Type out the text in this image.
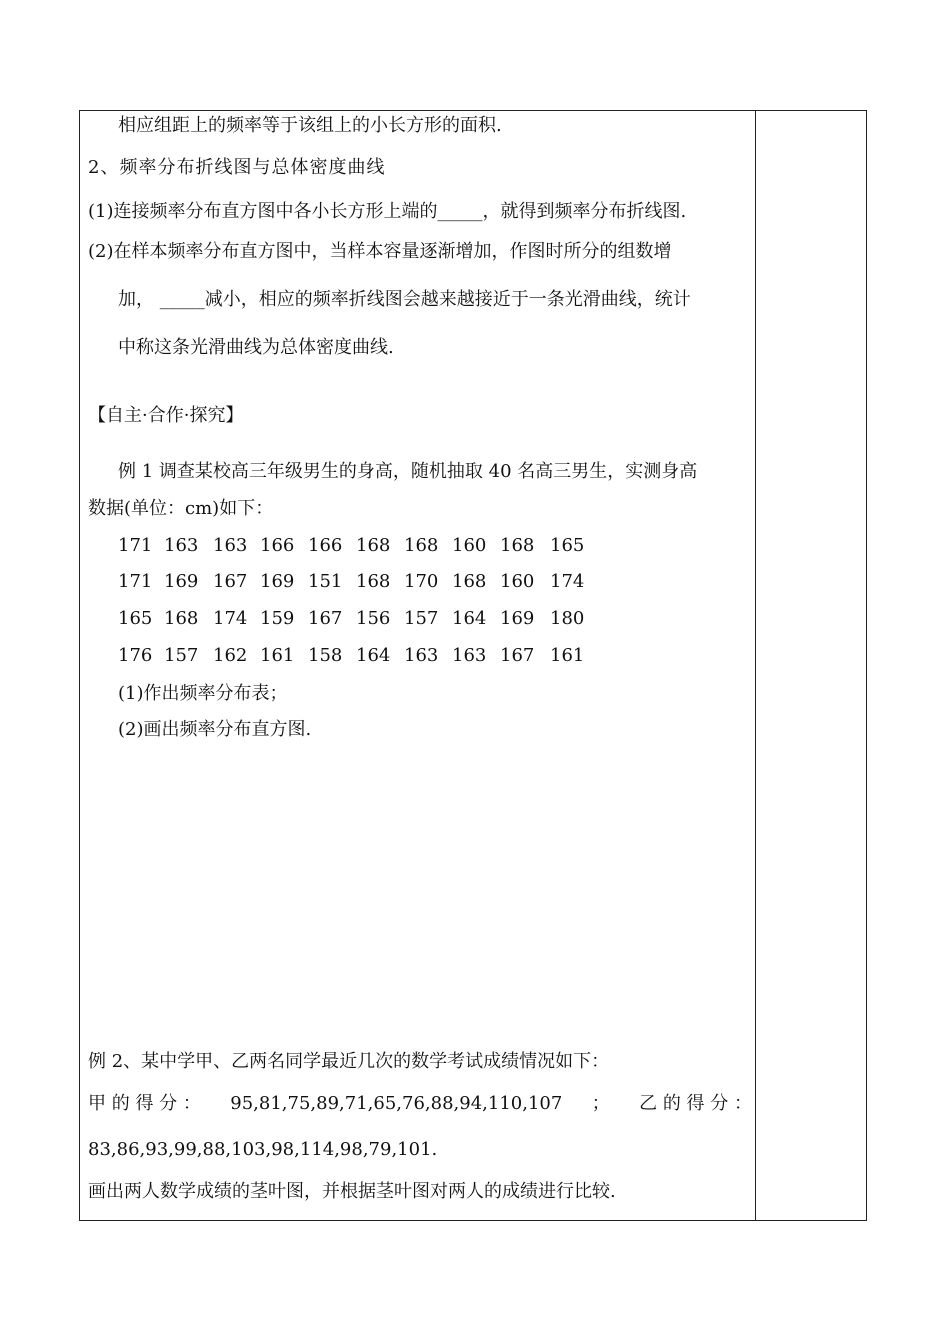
相应组距上的频率等于该组上的小长方形的面积.
2、频率分布折线图与总体密度曲线
(1)连接频率分布直方图中各小长方形上端的_____，就得到频率分布折线图.
(2)在样本频率分布直方图中，当样本容量逐渐增加，作图时所分的组数增
加， _____减小，相应的频率折线图会越来越接近于一条光滑曲线，统计
中称这条光滑曲线为总体密度曲线.
【自主·合作·探究】
例 1 调查某校高三年级男生的身高，随机抽取 40 名高三男生，实测身高
数据(单位：cm)如下：
171 163 163 166 166 168 168 160 168 165
171 169 167 169 151 168 170 168 160 174
165 168 174 159 167 156 157 164 169 180
176 157 162 161 158 164 163 163 167 161
(1)作出频率分布表；
(2)画出频率分布直方图.
例 2、某中学甲、乙两名同学最近几次的数学考试成绩情况如下：
甲 的 得 分 ： 95,81,75,89,71,65,76,88,94,110,107 ； 乙 的 得 分 ：
83,86,93,99,88,103,98,114,98,79,101.
画出两人数学成绩的茎叶图，并根据茎叶图对两人的成绩进行比较.
